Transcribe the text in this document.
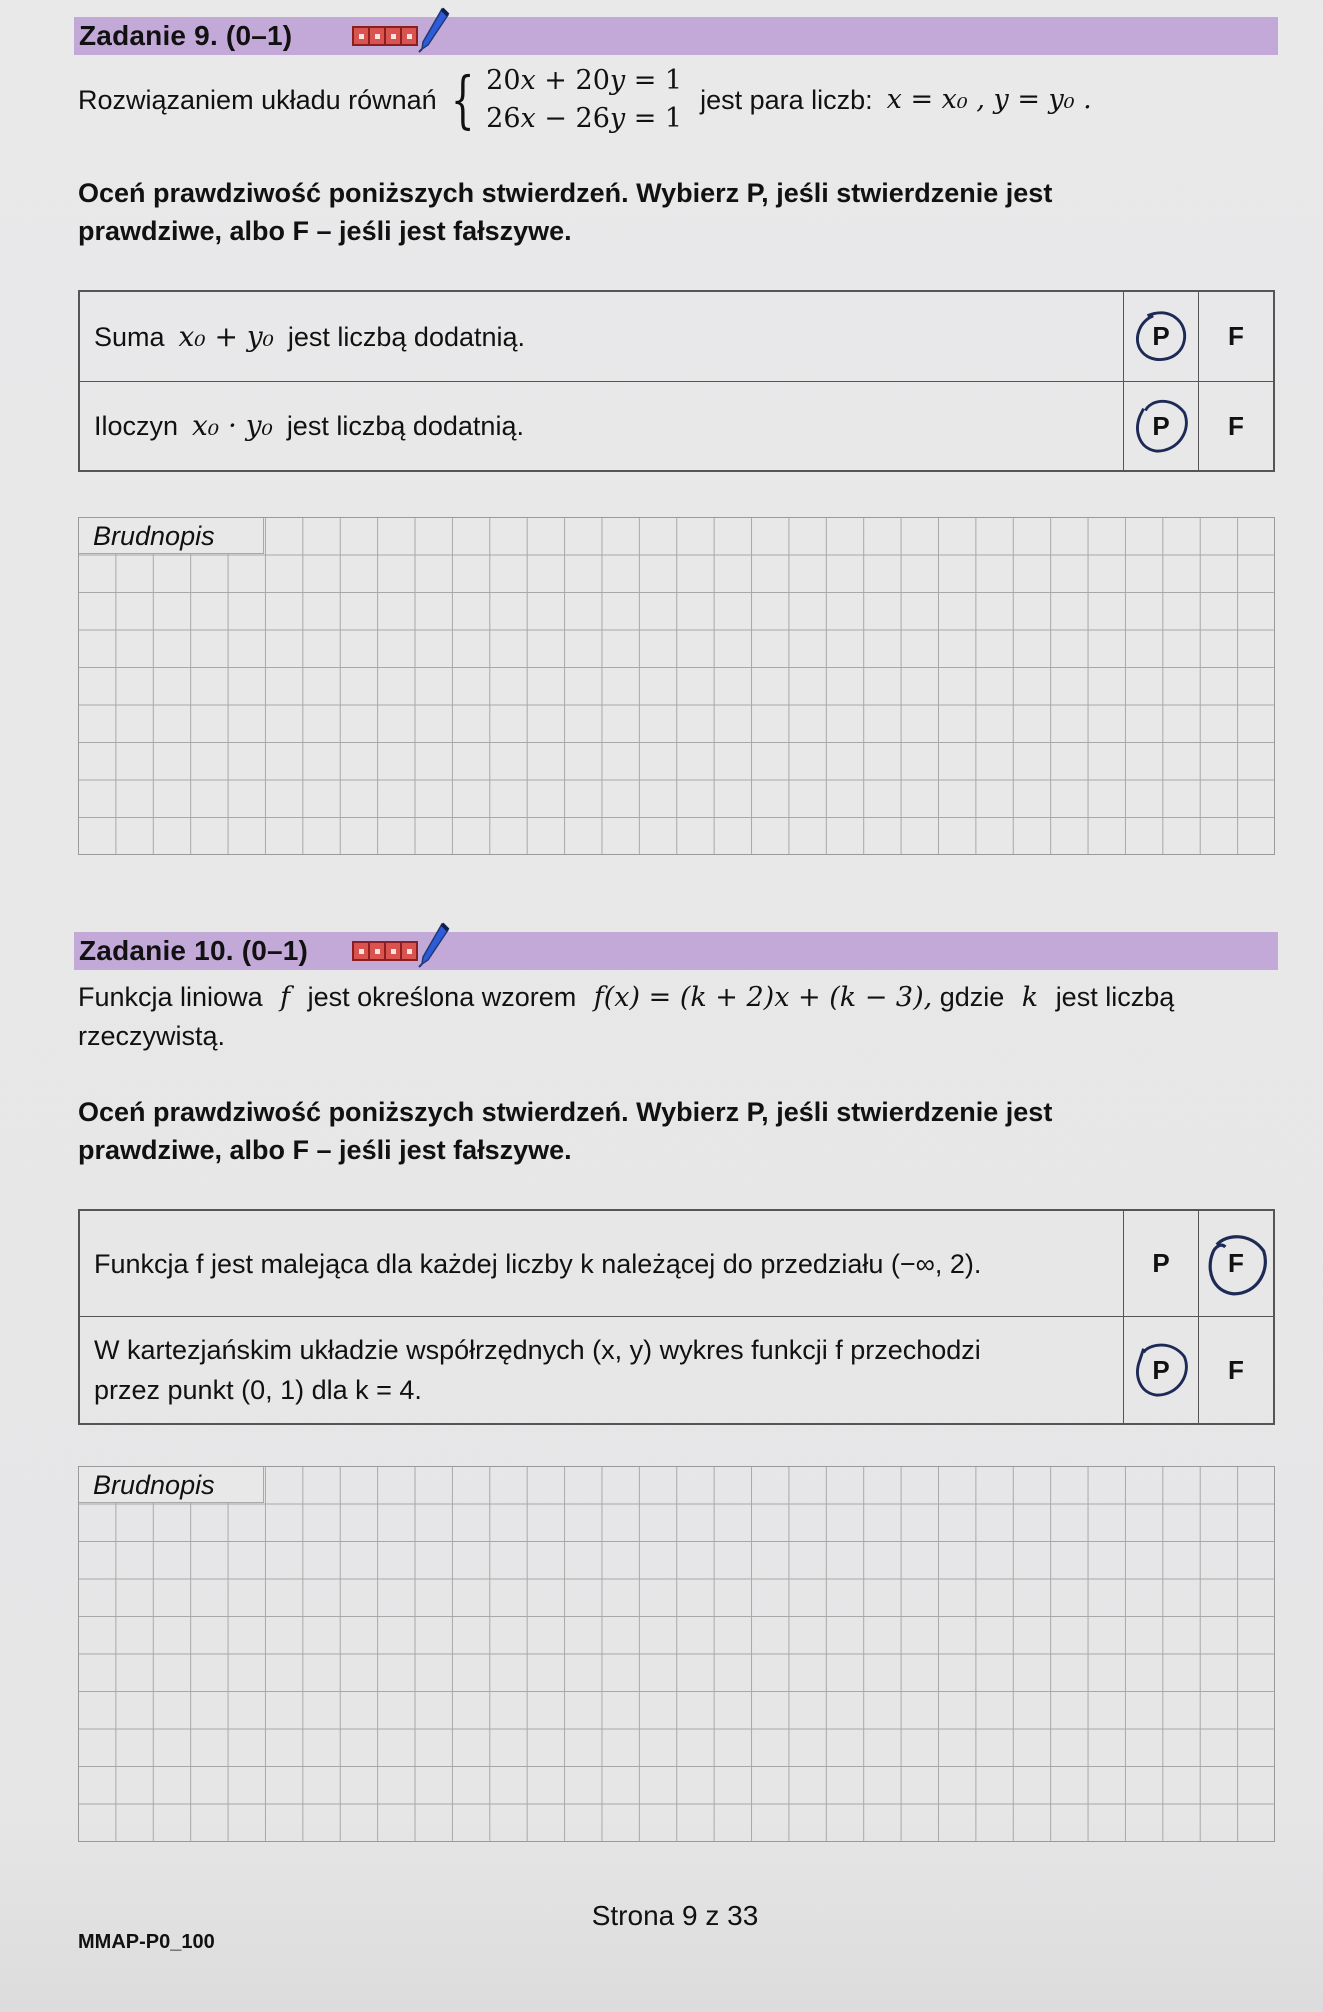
Zadanie 9. (0–1)
Rozwiązaniem układu równań { 20𝑥 + 20𝑦 = 1
26𝑥 − 26𝑦 = 1
jest para liczb: x = x₀ , y = y₀ .
Oceń prawdziwość poniższych stwierdzeń. Wybierz P, jeśli stwierdzenie jest
prawdziwe, albo F – jeśli jest fałszywe.
Suma x₀ + y₀ jest liczbą dodatnią.	P F
Iloczyn x₀ · y₀ jest liczbą dodatnią.	P F
Brudnopis
Zadanie 10. (0–1)
Funkcja liniowa f jest określona wzorem f(x) = (k + 2)x + (k − 3), gdzie k jest liczbą
rzeczywistą.
Oceń prawdziwość poniższych stwierdzeń. Wybierz P, jeśli stwierdzenie jest
prawdziwe, albo F – jeśli jest fałszywe.
Funkcja f jest malejąca dla każdej liczby k należącej do przedziału (−∞, 2).	P F
W kartezjańskim układzie współrzędnych (x, y) wykres funkcji f przechodzi
przez punkt (0, 1) dla k = 4.
P F
Brudnopis
Strona 9 z 33
MMAP-P0_100
